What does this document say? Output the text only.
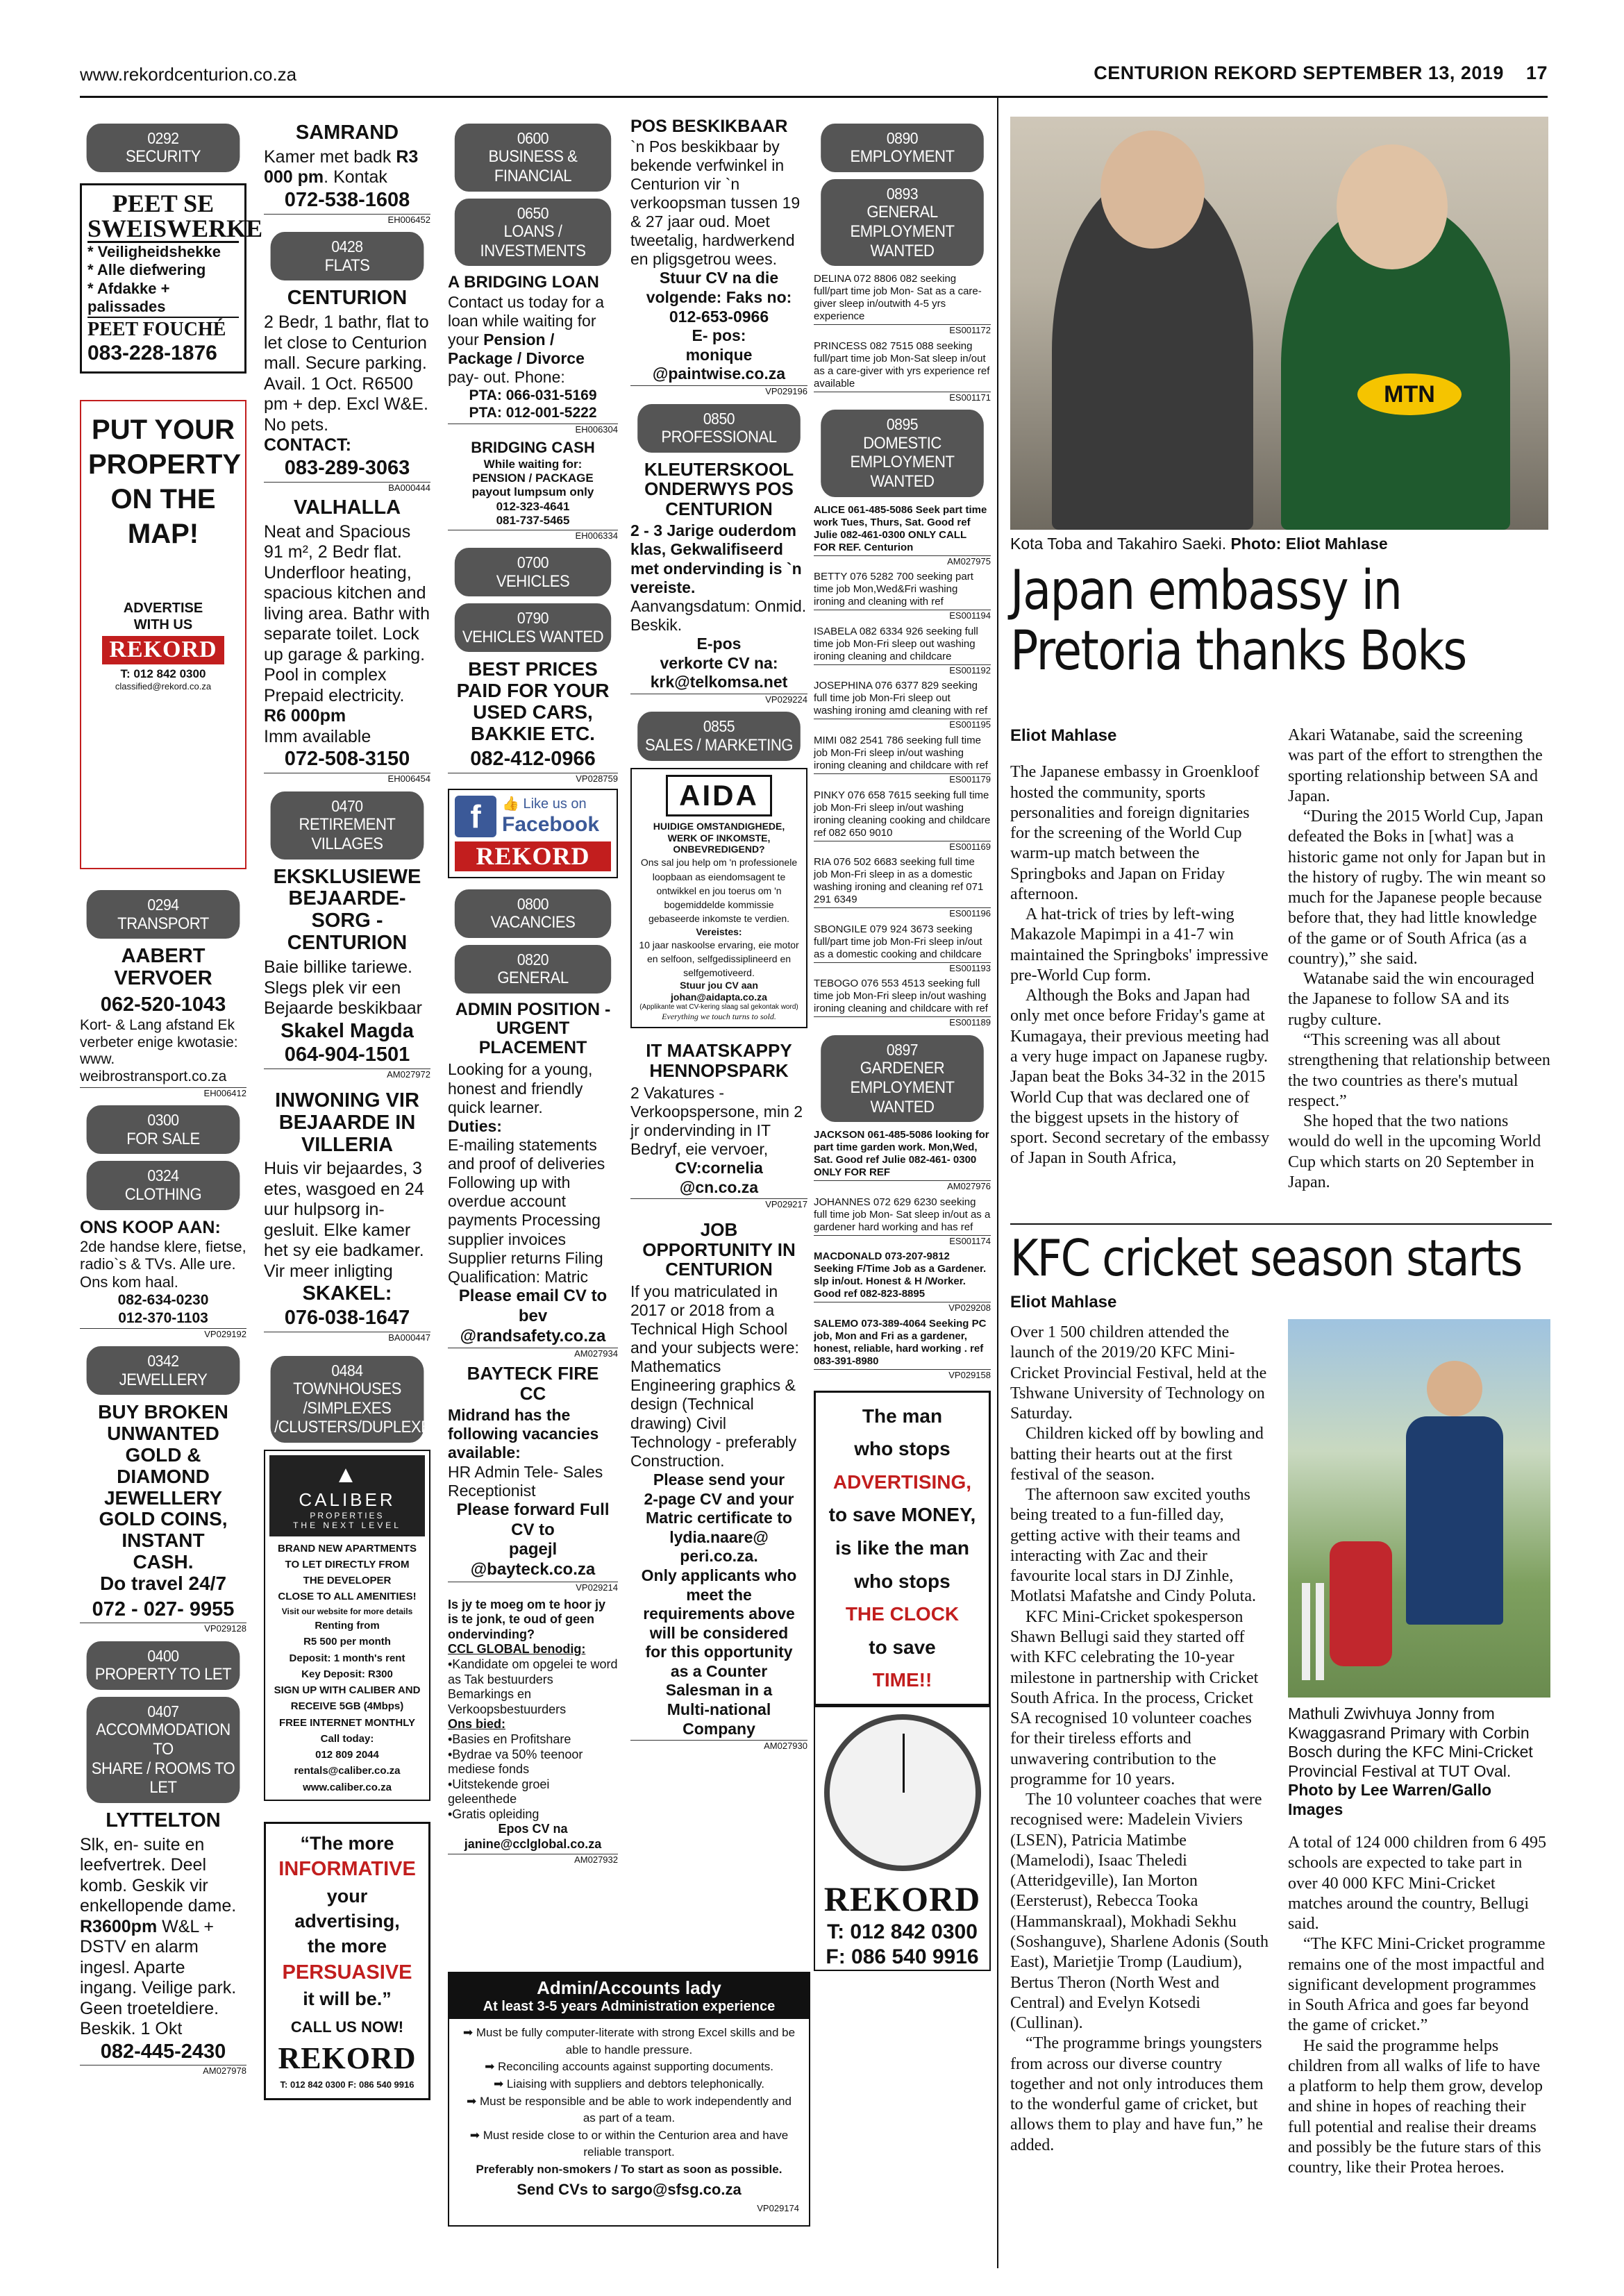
www.rekordcenturion.co.za	CENTURION REKORD SEPTEMBER 13, 2019 17
0292
SECURITY
PEET SE
SWEISWERKE
* Veiligheidshekke
* Alle diefwering
* Afdakke + palissades
PEET FOUCHÉ
083-228-1876
PUT YOUR
PROPERTY
ON THE
MAP!
ADVERTISE
WITH US
REKORD
T: 012 842 0300
classified@rekord.co.za
0294
TRANSPORT
AABERT
VERVOER
062-520-1043
Kort- & Lang afstand Ek verbeter enige kwotasie: www. weibrostransport.co.za
EH006412
0300
FOR SALE
0324
CLOTHING
ONS KOOP AAN:
2de handse klere, fietse, radio`s & TVs. Alle ure. Ons kom haal.
082-634-0230
012-370-1103
VP029192
0342
JEWELLERY
BUY BROKEN
UNWANTED
GOLD &
DIAMOND
JEWELLERY
GOLD COINS,
INSTANT
CASH.
Do travel 24/7
072 - 027- 9955
VP029128
0400
PROPERTY TO LET
0407
ACCOMMODATION TO
SHARE / ROOMS TO
LET
LYTTELTON
Slk, en- suite en leefvertrek. Deel komb. Geskik vir enkellopende dame. R3600pm W&L + DSTV en alarm ingesl. Aparte ingang. Veilige park. Geen troeteldiere. Beskik. 1 Okt
082-445-2430
AM027978
SAMRAND
Kamer met badk R3 000 pm. Kontak
072-538-1608
EH006452
0428
FLATS
CENTURION
2 Bedr, 1 bathr, flat to let close to Centurion mall. Secure parking. Avail. 1 Oct. R6500 pm + dep. Excl W&E. No pets.
CONTACT:
083-289-3063
BA000444
VALHALLA
Neat and Spacious 91 m², 2 Bedr flat. Underfloor heating, spacious kitchen and living area. Bathr with separate toilet. Lock up garage & parking. Pool in complex Prepaid electricity.
R6 000pm
Imm available
072-508-3150
EH006454
0470
RETIREMENT
VILLAGES
EKSKLUSIEWE
BEJAARDE-
SORG -
CENTURION
Baie billike tariewe. Slegs plek vir een Bejaarde beskikbaar
Skakel Magda
064-904-1501
AM027972
INWONING VIR
BEJAARDE IN
VILLERIA
Huis vir bejaardes, 3 etes, wasgoed en 24 uur hulpsorg in- gesluit. Elke kamer het sy eie badkamer. Vir meer inligting
SKAKEL:
076-038-1647
BA000447
0484
TOWNHOUSES
/SIMPLEXES
/CLUSTERS/DUPLEXES
▲
CALIBER
PROPERTIES
THE NEXT LEVEL
BRAND NEW APARTMENTS
TO LET DIRECTLY FROM
THE DEVELOPER
CLOSE TO ALL AMENITIES!
Visit our website for more details
Renting from
R5 500 per month
Deposit: 1 month's rent
Key Deposit: R300
SIGN UP WITH CALIBER AND
RECEIVE 5GB (4Mbps)
FREE INTERNET MONTHLY
Call today:
012 809 2044
rentals@caliber.co.za
www.caliber.co.za
“The more
INFORMATIVE
your advertising,
the more
PERSUASIVE
it will be.”
CALL US NOW!
REKORD
T: 012 842 0300 F: 086 540 9916
0600
BUSINESS &
FINANCIAL
0650
LOANS / INVESTMENTS
A BRIDGING LOAN
Contact us today for a loan while waiting for your Pension / Package / Divorce pay- out. Phone:
PTA: 066-031-5169
PTA: 012-001-5222
EH006304
BRIDGING CASH
While waiting for:
PENSION / PACKAGE
payout lumpsum only
012-323-4641
081-737-5465
EH006334
0700
VEHICLES
0790
VEHICLES WANTED
BEST PRICES
PAID FOR YOUR
USED CARS,
BAKKIE ETC.
082-412-0966
VP028759
f	👍 Like us on
Facebook
REKORD
0800
VACANCIES
0820
GENERAL
ADMIN POSITION -
URGENT
PLACEMENT
Looking for a young, honest and friendly quick learner.
Duties:
E-mailing statements and proof of deliveries Following up with overdue account payments Processing supplier invoices Supplier returns Filing Qualification: Matric
Please email CV to
bev
@randsafety.co.za
AM027934
BAYTECK FIRE
CC
Midrand has the following vacancies available:
HR Admin Tele- Sales Receptionist
Please forward Full
CV to
pagejl
@bayteck.co.za
VP029214
Is jy te moeg om te hoor jy is te jonk, te oud of geen ondervinding?
CCL GLOBAL benodig:
•Kandidate om opgelei te word as Tak bestuurders Bemarkings en Verkoopsbestuurders
Ons bied:
•Basies en Profitshare
•Bydrae va 50% teenoor mediese fonds
•Uitstekende groei geleenthede
•Gratis opleiding
Epos CV na
janine@cclglobal.co.za
AM027932
POS BESKIKBAAR
`n Pos beskikbaar by bekende verfwinkel in Centurion vir `n verkoopsman tussen 19 & 27 jaar oud. Moet tweetalig, hardwerkend en pligsgetrou wees.
Stuur CV na die
volgende: Faks no:
012-653-0966
E- pos:
monique
@paintwise.co.za
VP029196
0850
PROFESSIONAL
KLEUTERSKOOL
ONDERWYS POS
CENTURION
2 - 3 Jarige ouderdom klas, Gekwalifiseerd met ondervinding is `n vereiste.
Aanvangsdatum: Onmid. Beskik.
E-pos
verkorte CV na:
krk@telkomsa.net
VP029224
0855
SALES / MARKETING
AIDA
HUIDIGE OMSTANDIGHEDE,
WERK OF INKOMSTE,
ONBEVREDIGEND?
Ons sal jou help om 'n professionele loopbaan as eiendomsagent te ontwikkel en jou toerus om 'n bogemiddelde kommissie gebaseerde inkomste te verdien.
Vereistes:
10 jaar naskoolse ervaring, eie motor en selfoon, selfgedissiplineerd en selfgemotiveerd.
Stuur jou CV aan
johan@aidapta.co.za
(Applikante wat CV-kering slaag sal gekontak word)
Everything we touch turns to sold.
IT MAATSKAPPY
HENNOPSPARK
2 Vakatures - Verkoopspersone, min 2 jr ondervinding in IT Bedryf, eie vervoer,
CV:cornelia
@cn.co.za
VP029217
JOB
OPPORTUNITY IN
CENTURION
If you matriculated in 2017 or 2018 from a Technical High School and your subjects were: Mathematics Engineering graphics & design (Technical drawing) Civil Technology - preferably Construction.
Please send your
2-page CV and your
Matric certificate to
lydia.naare@
peri.co.za.
Only applicants who
meet the
requirements above
will be considered
for this opportunity
as a Counter
Salesman in a
Multi-national
Company
AM027930
0890
EMPLOYMENT
0893
GENERAL
EMPLOYMENT
WANTED
DELINA 072 8806 082 seeking full/part time job Mon- Sat as a care-giver sleep in/outwith 4-5 yrs experience
ES001172
PRINCESS 082 7515 088 seeking full/part time job Mon-Sat sleep in/out as a care-giver with yrs experience ref available
ES001171
0895
DOMESTIC
EMPLOYMENT
WANTED
ALICE 061-485-5086 Seek part time work Tues, Thurs, Sat. Good ref Julie 082-461-0300 ONLY CALL FOR REF. Centurion
AM027975
BETTY 076 5282 700 seeking part time job Mon,Wed&Fri washing ironing and cleaning with ref
ES001194
ISABELA 082 6334 926 seeking full time job Mon-Fri sleep out washing ironing cleaning and childcare
ES001192
JOSEPHINA 076 6377 829 seeking full time job Mon-Fri sleep out washing ironing amd cleaning with ref
ES001195
MIMI 082 2541 786 seeking full time job Mon-Fri sleep in/out washing ironing cleaning and childcare with ref
ES001179
PINKY 076 658 7615 seeking full time job Mon-Fri sleep in/out washing ironing cleaning cooking and childcare ref 082 650 9010
ES001169
RIA 076 502 6683 seeking full time job Mon-Fri sleep in as a domestic washing ironing and cleaning ref 071 291 6349
ES001196
SBONGILE 079 924 3673 seeking full/part time job Mon-Fri sleep in/out as a domestic cooking and childcare
ES001193
TEBOGO 076 553 4513 seeking full time job Mon-Fri sleep in/out washing ironing cleaning and childcare with ref
ES001189
0897
GARDENER
EMPLOYMENT
WANTED
JACKSON 061-485-5086 looking for part time garden work. Mon,Wed, Sat. Good ref Julie 082-461- 0300 ONLY FOR REF
AM027976
JOHANNES 072 629 6230 seeking full time job Mon- Sat sleep in/out as a gardener hard working and has ref
ES001174
MACDONALD 073-207-9812 Seeking F/Time Job as a Gardener. slp in/out. Honest & H /Worker. Good ref 082-823-8895
VP029208
SALEMO 073-389-4064 Seeking PC job, Mon and Fri as a gardener, honest, reliable, hard working . ref 083-391-8980
VP029158
The man
who stops
ADVERTISING,
to save MONEY,
is like the man
who stops
THE CLOCK
to save
TIME!!
REKORD
T: 012 842 0300
F: 086 540 9916
Admin/Accounts lady
At least 3-5 years Administration experience
➡ Must be fully computer-literate with strong Excel skills and be able to handle pressure.
➡ Reconciling accounts against supporting documents.
➡ Liaising with suppliers and debtors telephonically.
➡ Must be responsible and be able to work independently and as part of a team.
➡ Must reside close to or within the Centurion area and have reliable transport.
Preferably non-smokers / To start as soon as possible.
Send CVs to sargo@sfsg.co.za
VP029174
MTN
Kota Toba and Takahiro Saeki. Photo: Eliot Mahlase
Japan embassy in
Pretoria thanks Boks
Eliot Mahlase

The Japanese embassy in Groenkloof hosted the community, sports personalities and foreign dignitaries for the screening of the World Cup warm-up match between the Springboks and Japan on Friday afternoon.

A hat-trick of tries by left-wing Makazole Mapimpi in a 41-7 win maintained the Springboks' impressive pre-World Cup form.

Although the Boks and Japan had only met once before Friday's game at Kumagaya, their previous meeting had a very huge impact on Japanese rugby. Japan beat the Boks 34-32 in the 2015 World Cup that was declared one of the biggest upsets in the history of sport. Second secretary of the embassy of Japan in South Africa,

Akari Watanabe, said the screening was part of the effort to strengthen the sporting relationship between SA and Japan.

“During the 2015 World Cup, Japan defeated the Boks in [what] was a historic game not only for Japan but in the history of rugby. The win meant so much for the Japanese people because before that, they had little knowledge of the game or of South Africa (as a country),” she said.

Watanabe said the win encouraged the Japanese to follow SA and its rugby culture.

“This screening was all about strengthening that relationship between the two countries as there's mutual respect.”

She hoped that the two nations would do well in the upcoming World Cup which starts on 20 September in Japan.

KFC cricket season starts
Eliot Mahlase

Over 1 500 children attended the launch of the 2019/20 KFC Mini-Cricket Provincial Festival, held at the Tshwane University of Technology on Saturday.

Children kicked off by bowling and batting their hearts out at the first festival of the season.

The afternoon saw excited youths being treated to a fun-filled day, getting active with their teams and interacting with Zac and their favourite local stars in DJ Zinhle, Motlatsi Mafatshe and Cindy Poluta.

KFC Mini-Cricket spokesperson Shawn Bellugi said they started off with KFC celebrating the 10-year milestone in partnership with Cricket South Africa. In the process, Cricket SA recognised 10 volunteer coaches for their tireless efforts and unwavering contribution to the programme for 10 years.

The 10 volunteer coaches that were recognised were: Madelein Viviers (LSEN), Patricia Matimbe (Mamelodi), Isaac Theledi (Atteridgeville), Ian Morton (Eersterust), Rebecca Tooka (Hammanskraal), Mokhadi Sekhu (Soshanguve), Sharlene Adonis (South East), Marietjie Tromp (Laudium), Bertus Theron (North West and Central) and Evelyn Kotsedi (Cullinan).

“The programme brings youngsters from across our diverse country together and not only introduces them to the wonderful game of cricket, but allows them to play and have fun,” he added.

Mathuli Zwivhuya Jonny from Kwaggasrand Primary with Corbin Bosch during the KFC Mini-Cricket Provincial Festival at TUT Oval. Photo by Lee Warren/Gallo Images

A total of 124 000 children from 6 495 schools are expected to take part in over 40 000 KFC Mini-Cricket matches around the country, Bellugi said.

“The KFC Mini-Cricket programme remains one of the most impactful and significant development programmes in South Africa and goes far beyond the game of cricket.”

He said the programme helps children from all walks of life to have a platform to help them grow, develop and shine in hopes of reaching their full potential and realise their dreams and possibly be the future stars of this country, like their Protea heroes.
